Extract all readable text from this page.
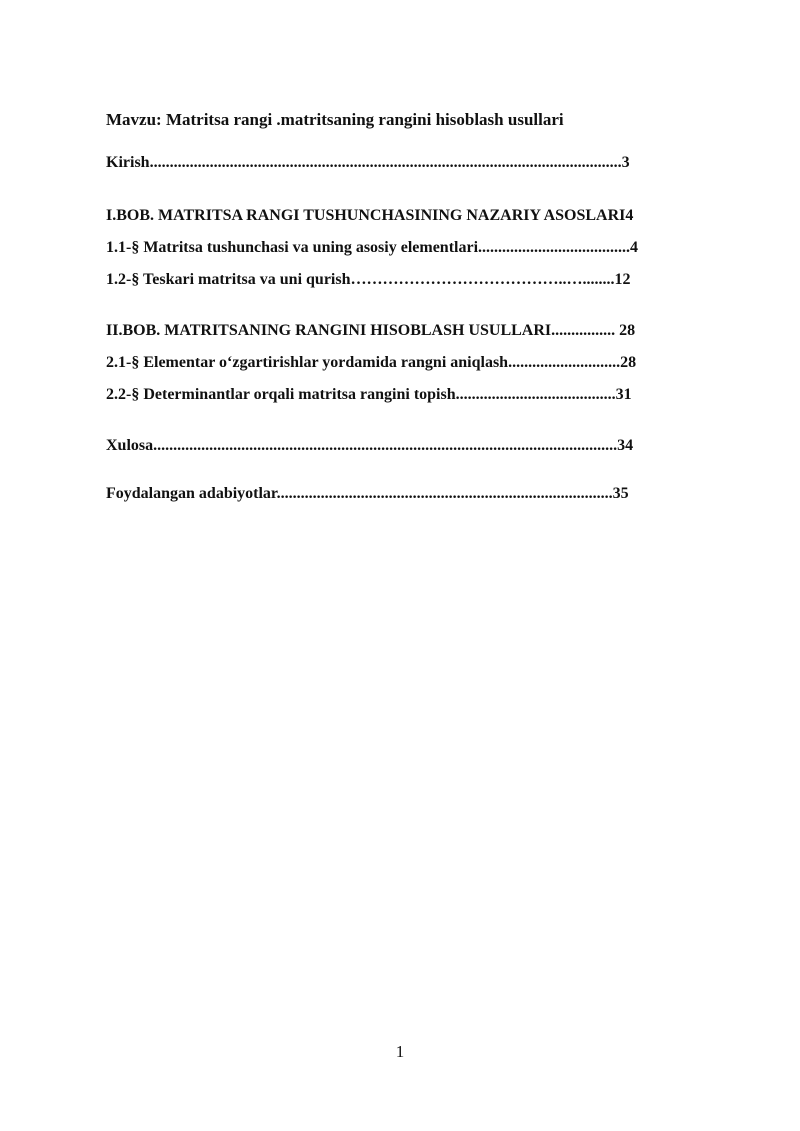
Mavzu: Matritsa rangi .matritsaning rangini hisoblash usullari
Kirish......................................................................................................................3
I.BOB. MATRITSA RANGI TUSHUNCHASINING NAZARIY ASOSLARI4
1.1-§ Matritsa tushunchasi va uning asosiy elementlari......................................4
1.2-§ Teskari matritsa va uni qurish…………………………………..…........12
II.BOB. MATRITSANING RANGINI HISOBLASH USULLARI................ 28
2.1-§ Elementar o‘zgartirishlar yordamida rangni aniqlash............................28
2.2-§ Determinantlar orqali matritsa rangini topish........................................31
Xulosa....................................................................................................................34
Foydalangan adabiyotlar....................................................................................35
1
